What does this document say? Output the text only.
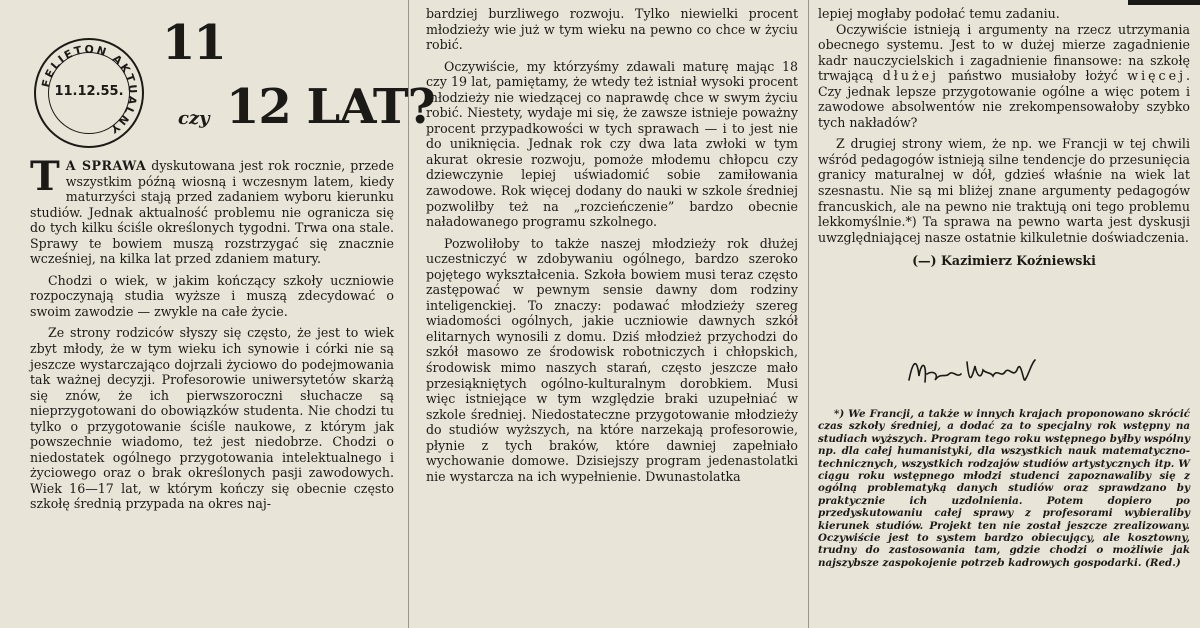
FELIETON AKTUALNY
11.12.55.
11
czy 12 LAT?

T A SPRAWA dyskutowana jest rok rocznie, przede wszystkim późną wiosną i wczesnym latem, kiedy maturzyści stają przed zadaniem wyboru kierunku studiów. Jednak aktualność problemu nie ogranicza się do tych kilku ściśle określonych tygodni. Trwa ona stale. Sprawy te bowiem muszą rozstrzygać się znacznie wcześniej, na kilka lat przed zdaniem matury.

Chodzi o wiek, w jakim kończący szkoły uczniowie rozpoczynają studia wyższe i muszą zdecydować o swoim zawodzie — zwykle na całe życie.

Ze strony rodziców słyszy się często, że jest to wiek zbyt młody, że w tym wieku ich synowie i córki nie są jeszcze wystarczająco dojrzali życiowo do podejmowania tak ważnej decyzji. Profesorowie uniwersytetów skarżą się znów, że ich pierwszoroczni słuchacze są nieprzygotowani do obowiązków studenta. Nie chodzi tu tylko o przygotowanie ściśle naukowe, z którym jak powszechnie wiadomo, też jest niedobrze. Chodzi o niedostatek ogólnego przygotowania intelektualnego i życiowego oraz o brak określonych pasji zawodowych. Wiek 16—17 lat, w którym kończy się obecnie często szkołę średnią przypada na okres naj-

bardziej burzliwego rozwoju. Tylko niewielki procent młodzieży wie już w tym wieku na pewno co chce w życiu robić.

Oczywiście, my którzyśmy zdawali maturę mając 18 czy 19 lat, pamiętamy, że wtedy też istniał wysoki procent młodzieży nie wiedzącej co naprawdę chce w swym życiu robić. Niestety, wydaje mi się, że zawsze istnieje poważny procent przypadkowości w tych sprawach — i to jest nie do uniknięcia. Jednak rok czy dwa lata zwłoki w tym akurat okresie rozwoju, pomoże młodemu chłopcu czy dziewczynie lepiej uświadomić sobie zamiłowania zawodowe. Rok więcej dodany do nauki w szkole średniej pozwoliłby też na „rozcieńczenie” bardzo obecnie naładowanego programu szkolnego.

Pozwoliłoby to także naszej młodzieży rok dłużej uczestniczyć w zdobywaniu ogólnego, bardzo szeroko pojętego wykształcenia. Szkoła bowiem musi teraz często zastępować w pewnym sensie dawny dom rodziny inteligenckiej. To znaczy: podawać młodzieży szereg wiadomości ogólnych, jakie uczniowie dawnych szkół elitarnych wynosili z domu. Dziś młodzież przychodzi do szkół masowo ze środowisk robotniczych i chłopskich, środowisk mimo naszych starań, często jeszcze mało przesiąkniętych ogólno-kulturalnym dorobkiem. Musi więc istniejące w tym względzie braki uzupełniać w szkole średniej. Niedostateczne przygotowanie młodzieży do studiów wyższych, na które narzekają profesorowie, płynie z tych braków, które dawniej zapełniało wychowanie domowe. Dzisiejszy program jedenastolatki nie wystarcza na ich wypełnienie. Dwunastolatka

lepiej mogłaby podołać temu zadaniu.

Oczywiście istnieją i argumenty na rzecz utrzymania obecnego systemu. Jest to w dużej mierze zagadnienie kadr nauczycielskich i zagadnienie finansowe: na szkołę trwającą dłużej państwo musiałoby łożyć więcej. Czy jednak lepsze przygotowanie ogólne a więc potem i zawodowe absolwentów nie zrekompensowałoby szybko tych nakładów?

Z drugiej strony wiem, że np. we Francji w tej chwili wśród pedagogów istnieją silne tendencje do przesunięcia granicy maturalnej w dół, gdzieś właśnie na wiek lat szesnastu. Nie są mi bliżej znane argumenty pedagogów francuskich, ale na pewno nie traktują oni tego problemu lekkomyślnie.*) Ta sprawa na pewno warta jest dyskusji uwzględniającej nasze ostatnie kilkuletnie doświadczenia.

(—) Kazimierz Koźniewski

*) We Francji, a także w innych krajach proponowano skrócić czas szkoły średniej, a dodać za to specjalny rok wstępny na studiach wyższych. Program tego roku wstępnego byłby wspólny np. dla całej humanistyki, dla wszystkich nauk matematyczno-technicznych, wszystkich rodzajów studiów artystycznych itp. W ciągu roku wstępnego młodzi studenci zapoznawaliby się z ogólną problematyką danych studiów oraz sprawdzano by praktycznie ich uzdolnienia. Potem dopiero po przedyskutowaniu całej sprawy z profesorami wybieraliby kierunek studiów. Projekt ten nie został jeszcze zrealizowany. Oczywiście jest to system bardzo obiecujący, ale kosztowny, trudny do zastosowania tam, gdzie chodzi o możliwie jak najszybsze zaspokojenie potrzeb kadrowych gospodarki. (Red.)
